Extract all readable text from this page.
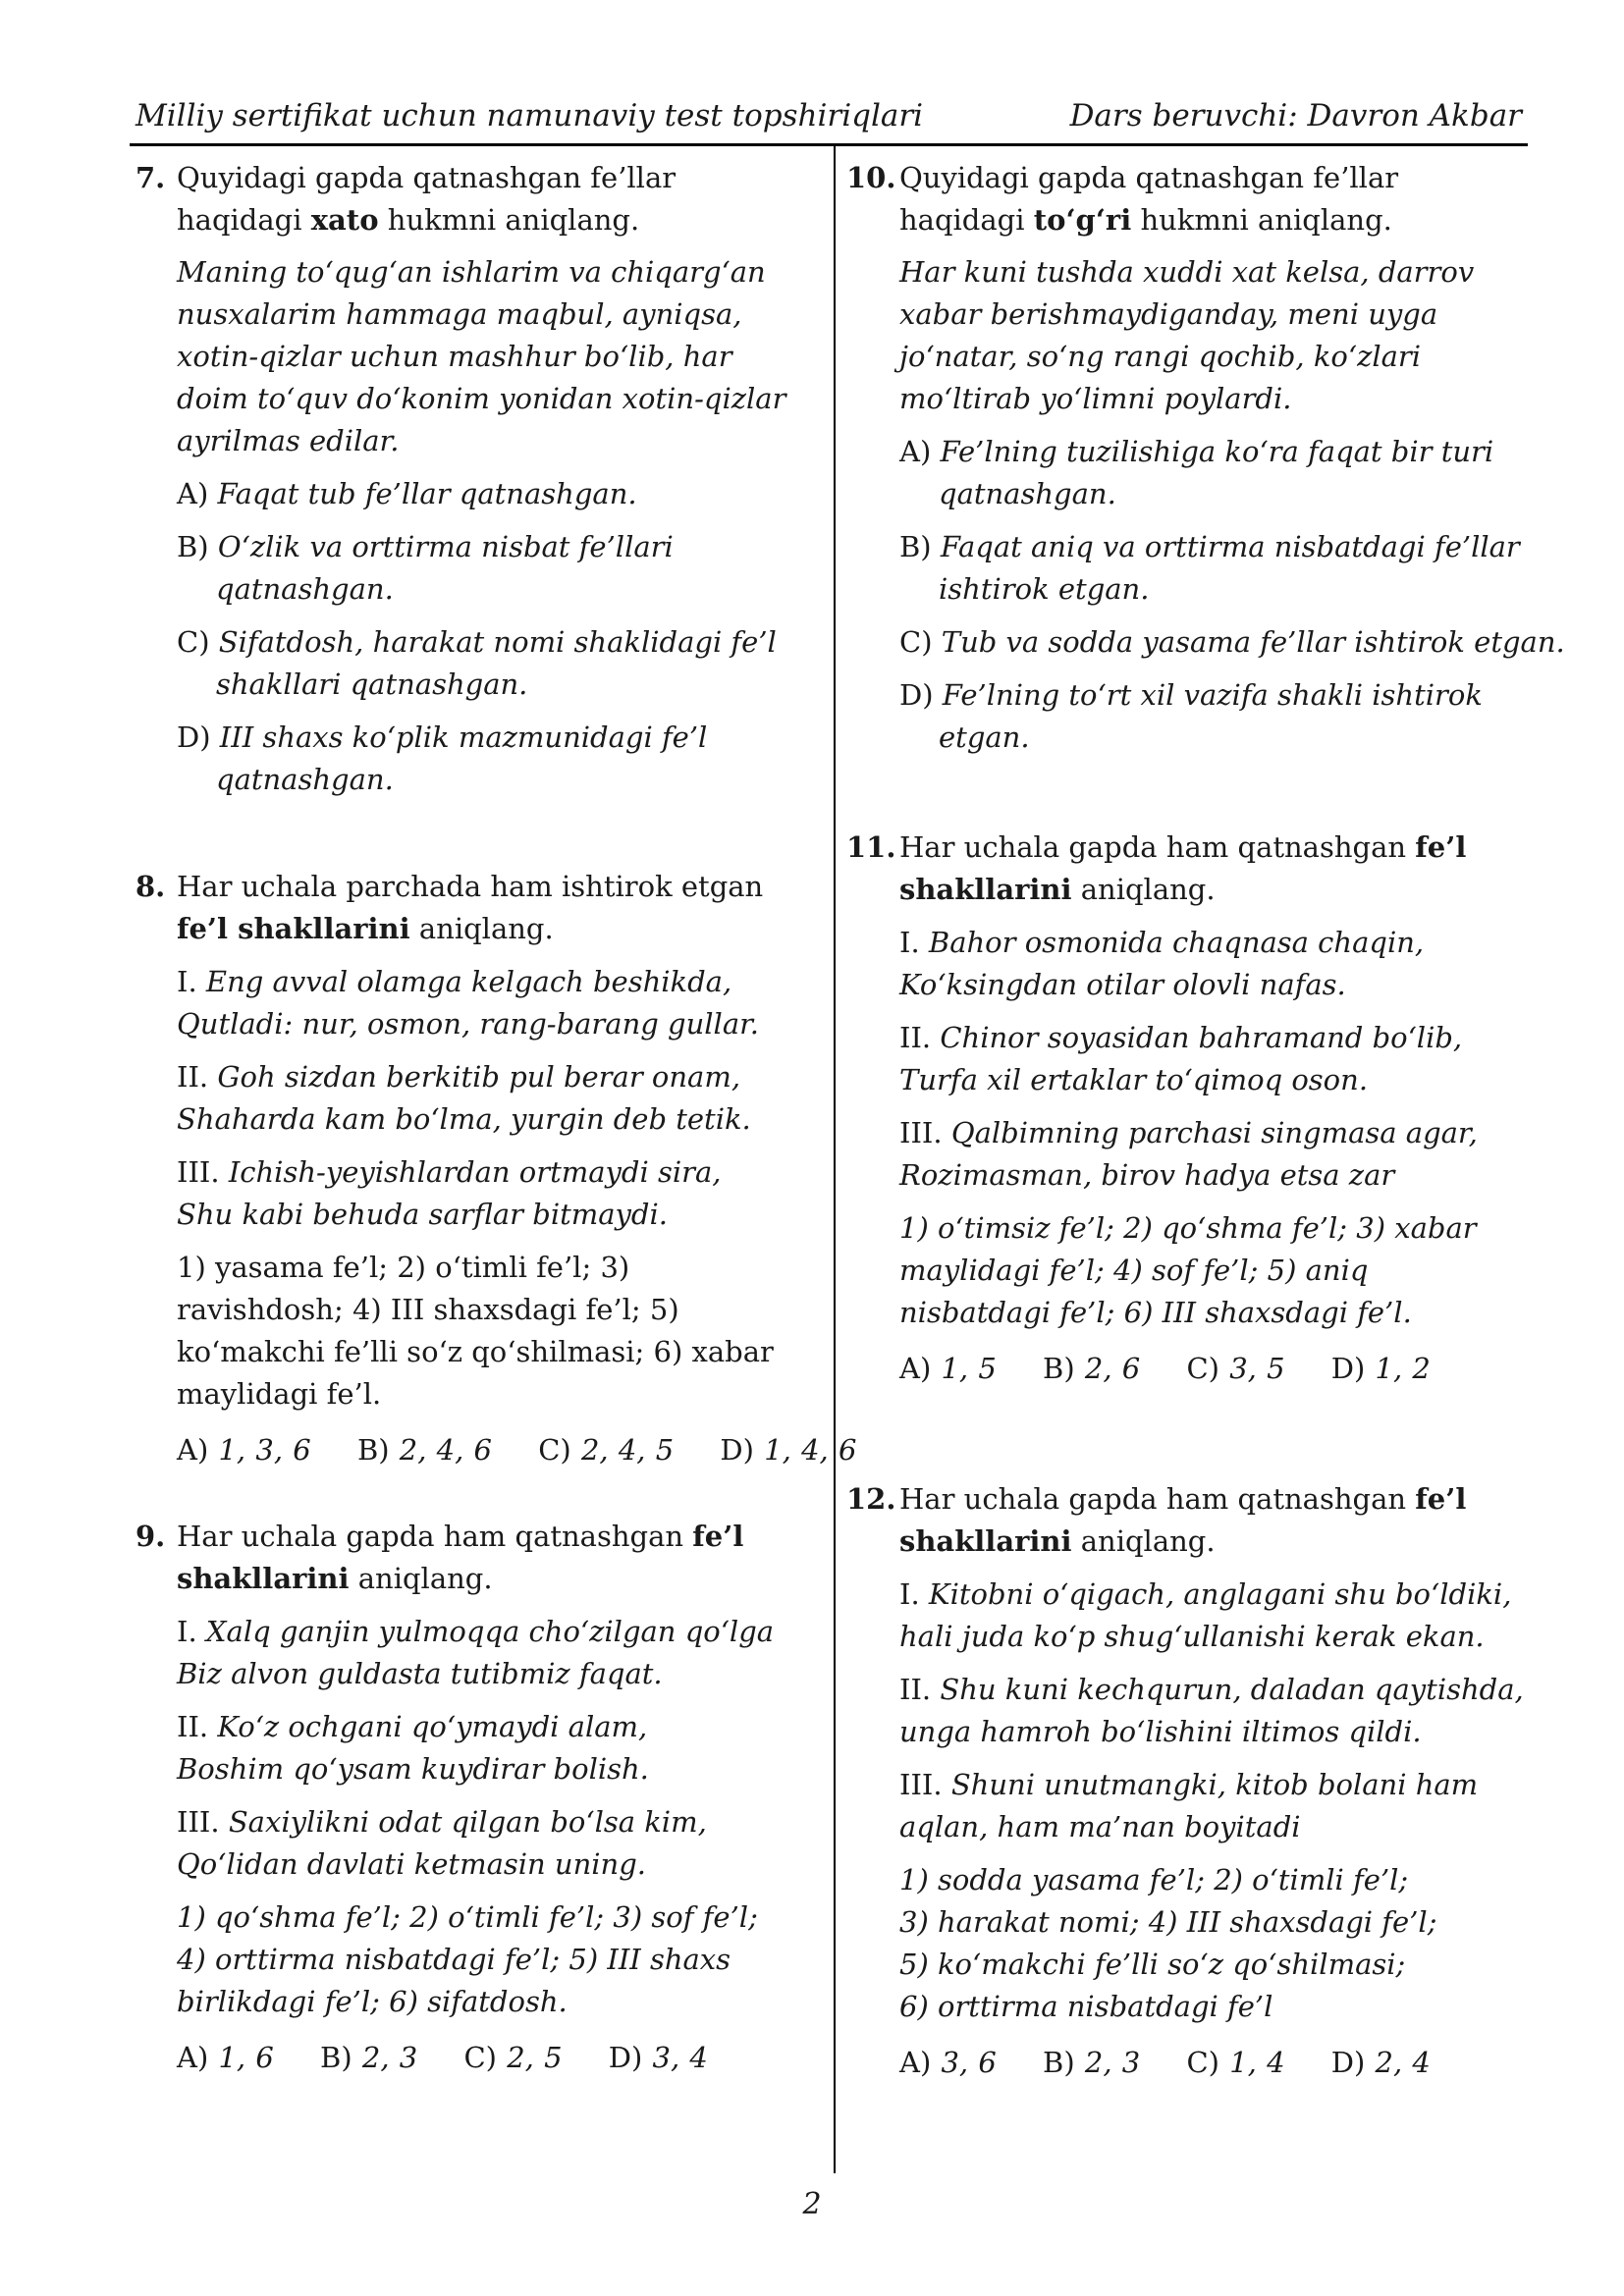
Milliy sertifikat uchun namunaviy test topshiriqlari	Dars beruvchi: Davron Akbar
7. Quyidagi gapda qatnashgan fe’llar haqidagi xato hukmni aniqlang.
Maning to‘qug‘an ishlarim va chiqarg‘an nusxalarim hammaga maqbul, ayniqsa, xotin-qizlar uchun mashhur bo‘lib, har doim to‘quv do‘konim yonidan xotin-qizlar ayrilmas edilar.
A) Faqat tub fe’llar qatnashgan.
B) O‘zlik va orttirma nisbat fe’llari qatnashgan.
C) Sifatdosh, harakat nomi shaklidagi fe’l shakllari qatnashgan.
D) III shaxs ko‘plik mazmunidagi fe’l qatnashgan.
8. Har uchala parchada ham ishtirok etgan fe’l shakllarini aniqlang.
I. Eng avval olamga kelgach beshikda,
Qutladi: nur, osmon, rang-barang gullar.
II. Goh sizdan berkitib pul berar onam,
Shaharda kam bo‘lma, yurgin deb tetik.
III. Ichish-yeyishlardan ortmaydi sira,
Shu kabi behuda sarflar bitmaydi.
1) yasama fe’l; 2) o‘timli fe’l; 3) ravishdosh; 4) III shaxsdagi fe’l; 5) ko‘makchi fe’lli so‘z qo‘shilmasi; 6) xabar maylidagi fe’l.
A) 1, 3, 6 B) 2, 4, 6 C) 2, 4, 5 D) 1, 4, 6
9. Har uchala gapda ham qatnashgan fe’l shakllarini aniqlang.
I. Xalq ganjin yulmoqqa cho‘zilgan qo‘lga
Biz alvon guldasta tutibmiz faqat.
II. Ko‘z ochgani qo‘ymaydi alam,
Boshim qo‘ysam kuydirar bolish.
III. Saxiylikni odat qilgan bo‘lsa kim,
Qo‘lidan davlati ketmasin uning.
1) qo‘shma fe’l; 2) o‘timli fe’l; 3) sof fe’l; 4) orttirma nisbatdagi fe’l; 5) III shaxs birlikdagi fe’l; 6) sifatdosh.
A) 1, 6 B) 2, 3 C) 2, 5 D) 3, 4
10. Quyidagi gapda qatnashgan fe’llar haqidagi to‘g‘ri hukmni aniqlang.
Har kuni tushda xuddi xat kelsa, darrov xabar berishmaydiganday, meni uyga jo‘natar, so‘ng rangi qochib, ko‘zlari mo‘ltirab yo‘limni poylardi.
A) Fe’lning tuzilishiga ko‘ra faqat bir turi qatnashgan.
B) Faqat aniq va orttirma nisbatdagi fe’llar ishtirok etgan.
C) Tub va sodda yasama fe’llar ishtirok etgan.
D) Fe’lning to‘rt xil vazifa shakli ishtirok etgan.
11. Har uchala gapda ham qatnashgan fe’l shakllarini aniqlang.
I. Bahor osmonida chaqnasa chaqin,
Ko‘ksingdan otilar olovli nafas.
II. Chinor soyasidan bahramand bo‘lib,
Turfa xil ertaklar to‘qimoq oson.
III. Qalbimning parchasi singmasa agar,
Rozimasman, birov hadya etsa zar
1) o‘timsiz fe’l; 2) qo‘shma fe’l; 3) xabar maylidagi fe’l; 4) sof fe’l; 5) aniq nisbatdagi fe’l; 6) III shaxsdagi fe’l.
A) 1, 5 B) 2, 6 C) 3, 5 D) 1, 2
12. Har uchala gapda ham qatnashgan fe’l shakllarini aniqlang.
I. Kitobni o‘qigach, anglagani shu bo‘ldiki, hali juda ko‘p shug‘ullanishi kerak ekan.
II. Shu kuni kechqurun, daladan qaytishda, unga hamroh bo‘lishini iltimos qildi.
III. Shuni unutmangki, kitob bolani ham aqlan, ham ma’nan boyitadi
1) sodda yasama fe’l; 2) o‘timli fe’l;
3) harakat nomi; 4) III shaxsdagi fe’l;
5) ko‘makchi fe’lli so‘z qo‘shilmasi;
6) orttirma nisbatdagi fe’l
A) 3, 6 B) 2, 3 C) 1, 4 D) 2, 4
2
